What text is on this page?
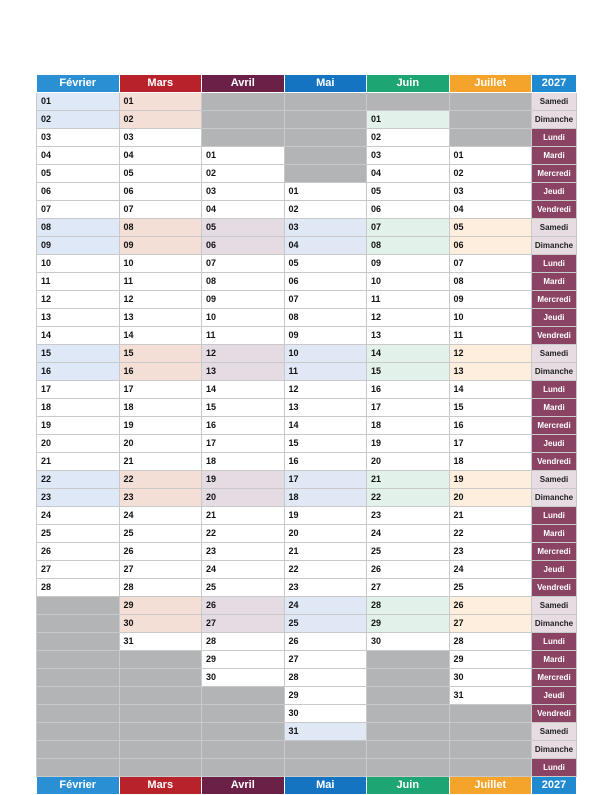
Février	Mars	Avril	Mai	Juin	Juillet	2027
01	01					Samedi
02	02			01		Dimanche
03	03			02		Lundi
04	04	01		03	01	Mardi
05	05	02		04	02	Mercredi
06	06	03	01	05	03	Jeudi
07	07	04	02	06	04	Vendredi
08	08	05	03	07	05	Samedi
09	09	06	04	08	06	Dimanche
10	10	07	05	09	07	Lundi
11	11	08	06	10	08	Mardi
12	12	09	07	11	09	Mercredi
13	13	10	08	12	10	Jeudi
14	14	11	09	13	11	Vendredi
15	15	12	10	14	12	Samedi
16	16	13	11	15	13	Dimanche
17	17	14	12	16	14	Lundi
18	18	15	13	17	15	Mardi
19	19	16	14	18	16	Mercredi
20	20	17	15	19	17	Jeudi
21	21	18	16	20	18	Vendredi
22	22	19	17	21	19	Samedi
23	23	20	18	22	20	Dimanche
24	24	21	19	23	21	Lundi
25	25	22	20	24	22	Mardi
26	26	23	21	25	23	Mercredi
27	27	24	22	26	24	Jeudi
28	28	25	23	27	25	Vendredi
	29	26	24	28	26	Samedi
	30	27	25	29	27	Dimanche
	31	28	26	30	28	Lundi
		29	27		29	Mardi
		30	28		30	Mercredi
			29		31	Jeudi
			30			Vendredi
			31			Samedi
						Dimanche
						Lundi
Février	Mars	Avril	Mai	Juin	Juillet	2027
